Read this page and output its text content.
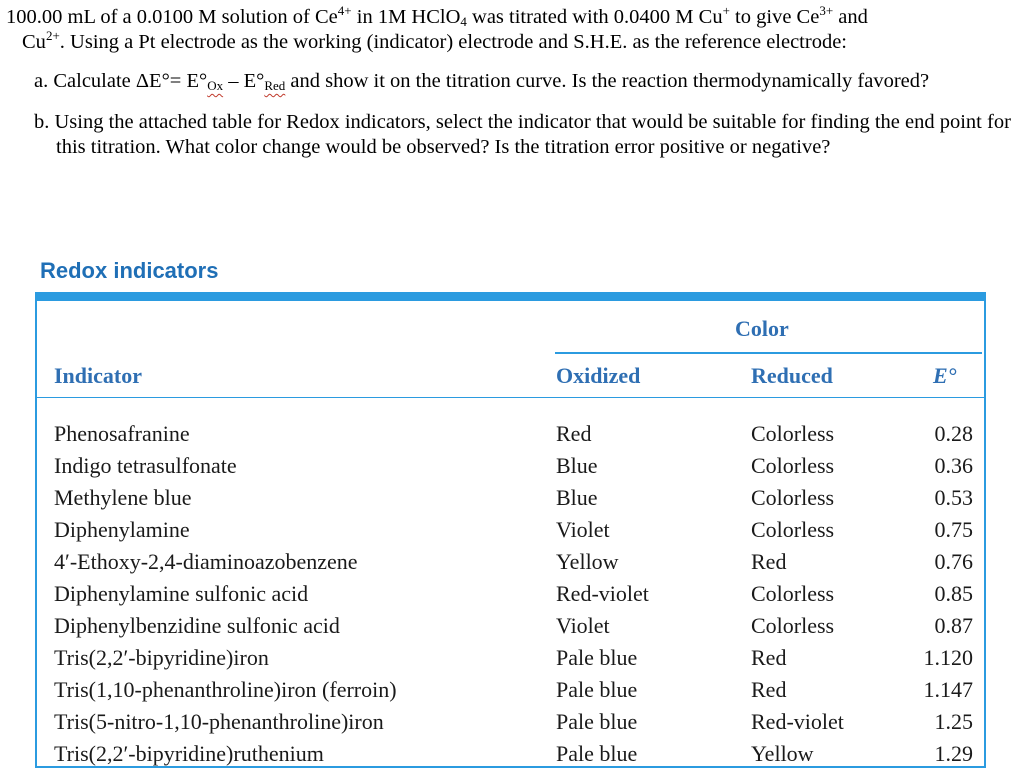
100.00 mL of a 0.0100 M solution of $Ce^{4+}$ in 1M HClO$_4$ was titrated with 0.0400 M Cu+ to give $Ce^{3+}$ and
$Cu^{2+}$. Using a Pt electrode as the working (indicator) electrode and S.H.E. as the reference electrode:
a. Calculate $\Delta E^\circ= E^\circ_{Ox} - E^\circ_{Red}$ and show it on the titration curve. Is the reaction thermodynamically favored?
b. Using the attached table for Redox indicators, select the indicator that would be suitable for finding the end point for this titration. What color change would be observed? Is the titration error positive or negative?
Redox indicators
Color
Indicator	Oxidized	Reduced	E°
Phenosafranine	Red	Colorless	0.28
Indigo tetrasulfonate	Blue	Colorless	0.36
Methylene blue	Blue	Colorless	0.53
Diphenylamine	Violet	Colorless	0.75
4′-Ethoxy-2,4-diaminoazobenzene	Yellow	Red	0.76
Diphenylamine sulfonic acid	Red-violet	Colorless	0.85
Diphenylbenzidine sulfonic acid	Violet	Colorless	0.87
Tris(2,2′-bipyridine)iron	Pale blue	Red	1.120
Tris(1,10-phenanthroline)iron (ferroin)	Pale blue	Red	1.147
Tris(5-nitro-1,10-phenanthroline)iron	Pale blue	Red-violet	1.25
Tris(2,2′-bipyridine)ruthenium	Pale blue	Yellow	1.29
